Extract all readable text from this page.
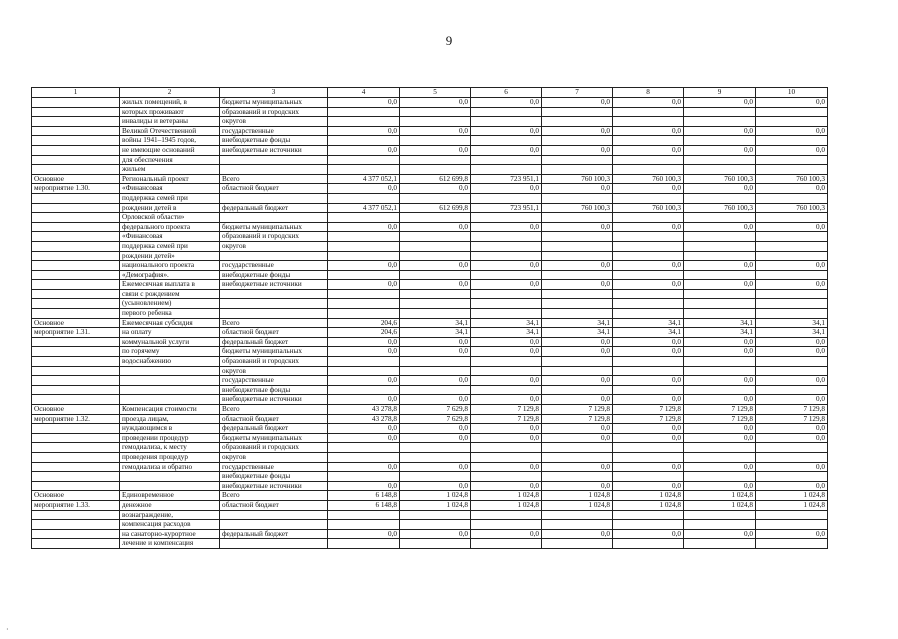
9
1	2	3	4	5	6	7	8	9	10
	жилых помещений, в	бюджеты муниципальных	0,0	0,0	0,0	0,0	0,0	0,0	0,0
	которых проживают	образований и городских							
	инвалиды и ветераны	округов							
	Великой Отечественной	государственные	0,0	0,0	0,0	0,0	0,0	0,0	0,0
	войны 1941–1945 годов,	внебюджетные фонды							
	не имеющие оснований	внебюджетные источники	0,0	0,0	0,0	0,0	0,0	0,0	0,0
	для обеспечения								
	жильем								
Основное	Региональный проект	Всего	4 377 052,1	612 699,8	723 951,1	760 100,3	760 100,3	760 100,3	760 100,3
мероприятие 1.30.	«Финансовая	областной бюджет	0,0	0,0	0,0	0,0	0,0	0,0	0,0
	поддержка семей при								
	рождении детей в	федеральный бюджет	4 377 052,1	612 699,8	723 951,1	760 100,3	760 100,3	760 100,3	760 100,3
	Орловской области»								
	федерального проекта	бюджеты муниципальных	0,0	0,0	0,0	0,0	0,0	0,0	0,0
	«Финансовая	образований и городских							
	поддержка семей при	округов							
	рождении детей»								
	национального проекта	государственные	0,0	0,0	0,0	0,0	0,0	0,0	0,0
	«Демография».	внебюджетные фонды							
	Ежемесячная выплата в	внебюджетные источники	0,0	0,0	0,0	0,0	0,0	0,0	0,0
	связи с рождением								
	(усыновлением)								
	первого ребенка								
Основное	Ежемесячная субсидия	Всего	204,6	34,1	34,1	34,1	34,1	34,1	34,1
мероприятие 1.31.	на оплату	областной бюджет	204,6	34,1	34,1	34,1	34,1	34,1	34,1
	коммунальной услуги	федеральный бюджет	0,0	0,0	0,0	0,0	0,0	0,0	0,0
	по горячему	бюджеты муниципальных	0,0	0,0	0,0	0,0	0,0	0,0	0,0
	водоснабжению	образований и городских							
		округов							
		государственные	0,0	0,0	0,0	0,0	0,0	0,0	0,0
		внебюджетные фонды							
		внебюджетные источники	0,0	0,0	0,0	0,0	0,0	0,0	0,0
Основное	Компенсация стоимости	Всего	43 278,8	7 629,8	7 129,8	7 129,8	7 129,8	7 129,8	7 129,8
мероприятие 1.32.	проезда лицам,	областной бюджет	43 278,8	7 629,8	7 129,8	7 129,8	7 129,8	7 129,8	7 129,8
	нуждающимся в	федеральный бюджет	0,0	0,0	0,0	0,0	0,0	0,0	0,0
	проведении процедур	бюджеты муниципальных	0,0	0,0	0,0	0,0	0,0	0,0	0,0
	гемодиализа, к месту	образований и городских							
	проведения процедур	округов							
	гемодиализа и обратно	государственные	0,0	0,0	0,0	0,0	0,0	0,0	0,0
		внебюджетные фонды							
		внебюджетные источники	0,0	0,0	0,0	0,0	0,0	0,0	0,0
Основное	Единовременное	Всего	6 148,8	1 024,8	1 024,8	1 024,8	1 024,8	1 024,8	1 024,8
мероприятие 1.33.	денежное	областной бюджет	6 148,8	1 024,8	1 024,8	1 024,8	1 024,8	1 024,8	1 024,8
	вознаграждение,								
	компенсация расходов								
	на санаторно-курортное	федеральный бюджет	0,0	0,0	0,0	0,0	0,0	0,0	0,0
	лечение и компенсация								
·
